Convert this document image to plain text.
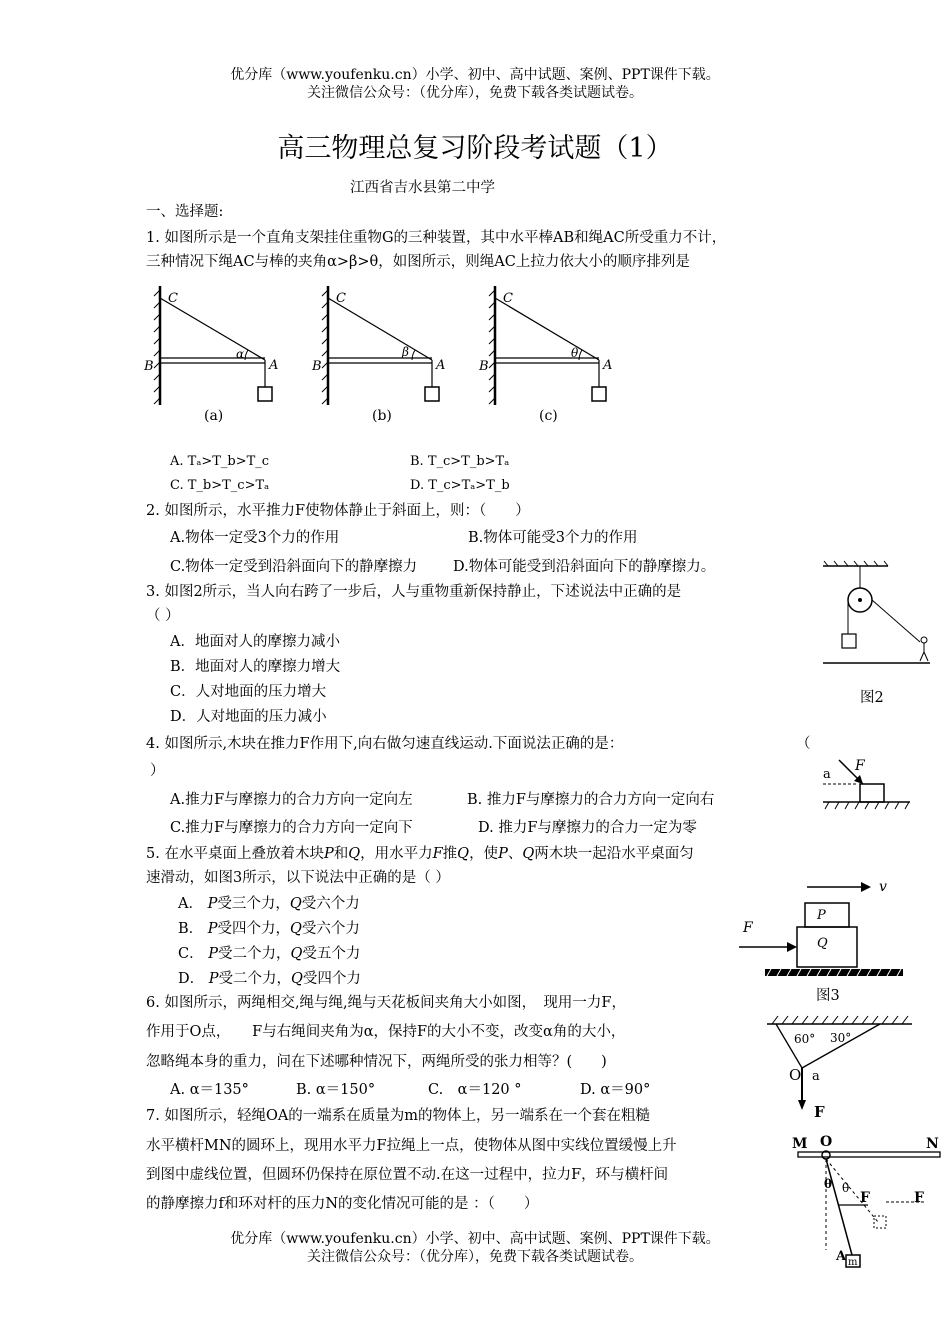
优分库（www.youfenku.cn）小学、初中、高中试题、案例、PPT课件下载。
关注微信公众号：（优分库），免费下载各类试题试卷。
高三物理总复习阶段考试题（1）
江西省吉水县第二中学
一、选择题:
1. 如图所示是一个直角支架挂住重物G的三种装置，其中水平棒AB和绳AC所受重力不计，
三种情况下绳AC与棒的夹角α>β>θ，如图所示，则绳AC上拉力依大小的顺序排列是
C
B	A
α
(a)
C
B	A
β
(b)
C
B	A
θ
(c)
A. Tₐ>T_b>T_c	B. T_c>T_b>Tₐ
C. T_b>T_c>Tₐ	D. T_c>Tₐ>T_b
2. 如图所示，水平推力F使物体静止于斜面上，则：（　　）
A.物体一定受3个力的作用	B.物体可能受3个力的作用
C.物体一定受到沿斜面向下的静摩擦力 D.物体可能受到沿斜面向下的静摩擦力。
3. 如图2所示，当人向右跨了一步后，人与重物重新保持静止，下述说法中正确的是
（ ）
A．地面对人的摩擦力减小
B．地面对人的摩擦力增大
C．人对地面的压力增大
D．人对地面的压力减小
图2
4. 如图所示,木块在推力F作用下,向右做匀速直线运动.下面说法正确的是：	（
）
A.推力F与摩擦力的合力方向一定向左	B. 推力F与摩擦力的合力方向一定向右
C.推力F与摩擦力的合力方向一定向下	D. 推力F与摩擦力的合力一定为零
a
F
5. 在水平桌面上叠放着木块P和Q，用水平力F推Q，使P、Q两木块一起沿水平桌面匀
速滑动，如图3所示，以下说法中正确的是（ ）
A． P受三个力，Q受六个力
B． P受四个力，Q受六个力
C． P受二个力，Q受五个力
D． P受二个力，Q受四个力
v
P
Q
F
图3
6. 如图所示，两绳相交,绳与绳,绳与天花板间夹角大小如图，　现用一力F，
作用于O点，　　F与右绳间夹角为α，保持F的大小不变，改变α角的大小，
忽略绳本身的重力，问在下述哪种情况下，两绳所受的张力相等？(　　)
A. α＝135°	B. α＝150°	C.　α＝120 °	D. α＝90°
60° 30°
O a
F
7. 如图所示，轻绳OA的一端系在质量为m的物体上，另一端系在一个套在粗糙
水平横杆MN的圆环上，现用水平力F拉绳上一点，使物体从图中实线位置缓慢上升
到图中虚线位置，但圆环仍保持在原位置不动.在这一过程中，拉力F，环与横杆间
的静摩擦力f和环对杆的压力N的变化情况可能的是 ：（　　）
M O	N
θ θ
F	F
A m
优分库（www.youfenku.cn）小学、初中、高中试题、案例、PPT课件下载。
关注微信公众号：（优分库），免费下载各类试题试卷。
